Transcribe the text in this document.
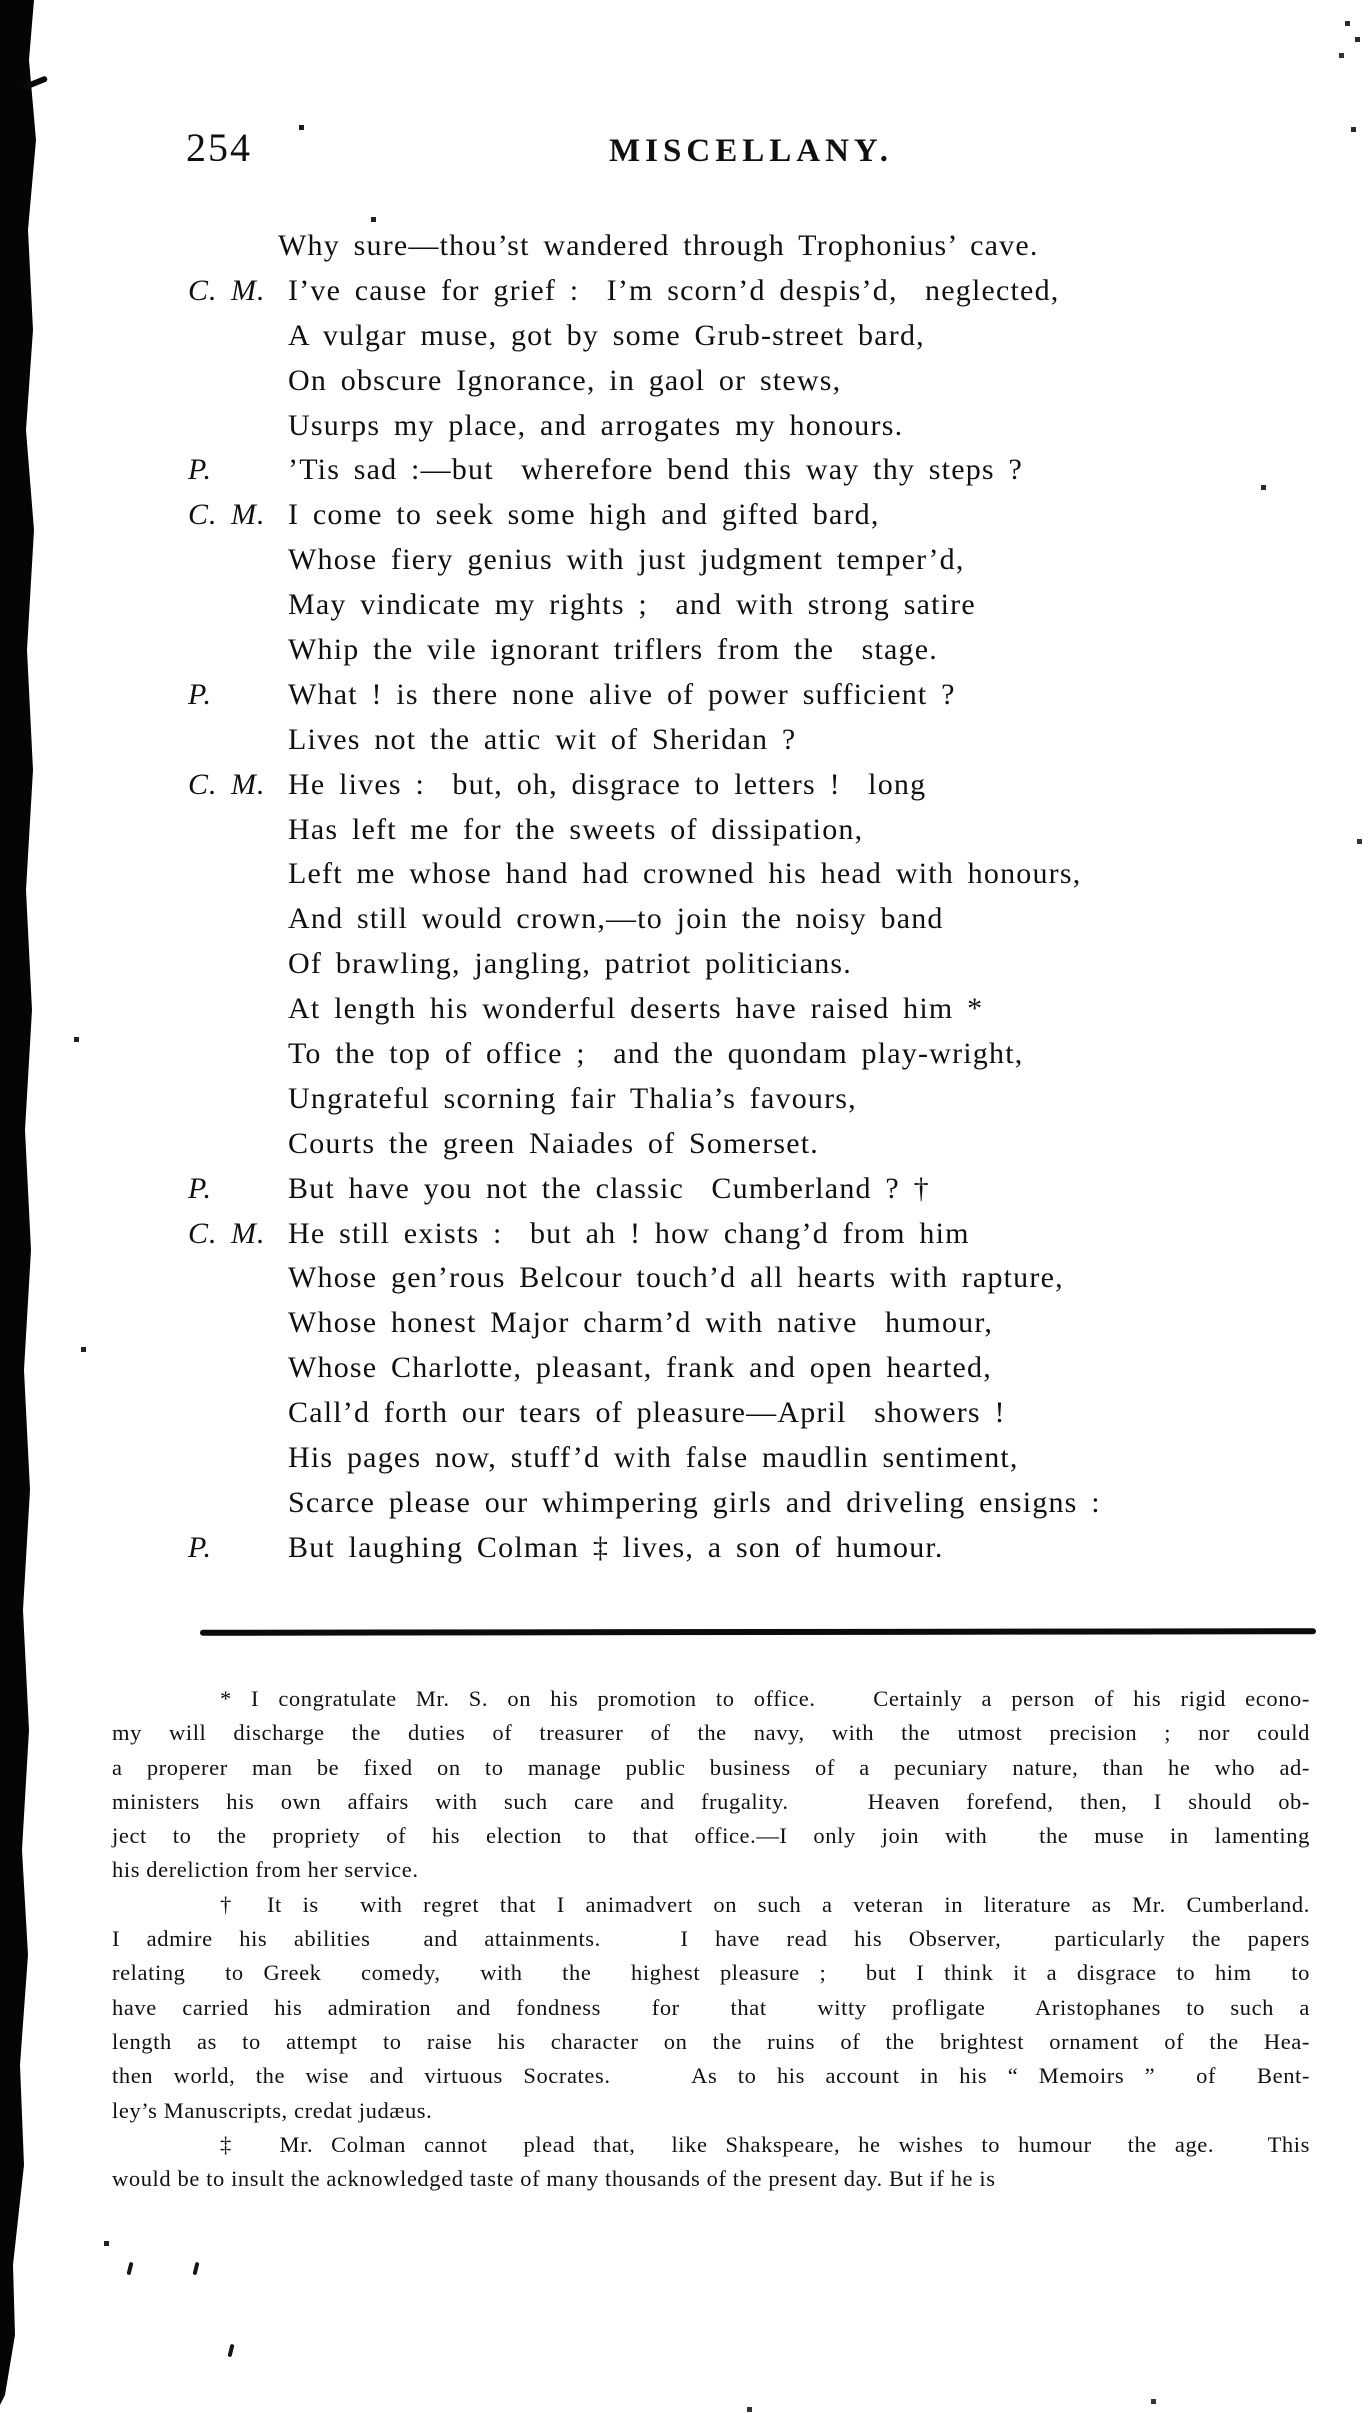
254	MISCELLANY.
Why sure—thou’st wandered through Trophonius’ cave.
C. M. I’ve cause for grief :  I’m scorn’d despis’d,  neglected,
A vulgar muse, got by some Grub-street bard,
On obscure Ignorance, in gaol or stews,
Usurps my place, and arrogates my honours.
P.	’Tis sad :—but  wherefore bend this way thy steps ?
C. M. I come to seek some high and gifted bard,
Whose fiery genius with just judgment temper’d,
May vindicate my rights ;  and with strong satire
Whip the vile ignorant triflers from the  stage.
P.	What ! is there none alive of power sufficient ?
Lives not the attic wit of Sheridan ?
C. M. He lives :  but, oh, disgrace to letters !  long
Has left me for the sweets of dissipation,
Left me whose hand had crowned his head with honours,
And still would crown,—to join the noisy band
Of brawling, jangling, patriot politicians.
At length his wonderful deserts have raised him *
To the top of office ;  and the quondam play-wright,
Ungrateful scorning fair Thalia’s favours,
Courts the green Naiades of Somerset.
P.	But have you not the classic  Cumberland ? †
C. M. He still exists :  but ah ! how chang’d from him
Whose gen’rous Belcour touch’d all hearts with rapture,
Whose honest Major charm’d with native  humour,
Whose Charlotte, pleasant, frank and open hearted,
Call’d forth our tears of pleasure—April  showers !
His pages now, stuff’d with false maudlin sentiment,
Scarce please our whimpering girls and driveling ensigns :
P.	But laughing Colman ‡ lives, a son of humour.
* I congratulate Mr. S. on his promotion to office.   Certainly a person of his rigid econo-
my will discharge the duties of treasurer of the navy, with the utmost precision ; nor could
a properer man be fixed on to manage public business of a pecuniary nature, than he who ad-
ministers his own affairs with such care and frugality.   Heaven forefend, then, I should ob-
ject to the propriety of his election to that office.—I only join with  the muse in lamenting
his dereliction from her service.
† It is  with regret that I animadvert on such a veteran in literature as Mr. Cumberland.
I admire his abilities  and attainments.   I have read his Observer,  particularly the papers
relating  to Greek  comedy,  with  the  highest pleasure ;  but I think it a disgrace to him  to
have carried his admiration and fondness  for  that  witty profligate  Aristophanes to such a
length as to attempt to raise his character on the ruins of the brightest ornament of the Hea-
then world, the wise and virtuous Socrates.    As to his account in his “ Memoirs ”  of  Bent-
ley’s Manuscripts, credat judæus.
‡  Mr. Colman cannot  plead that,  like Shakspeare, he wishes to humour  the age.   This
would be to insult the acknowledged taste of many thousands of the present day. But if he is
